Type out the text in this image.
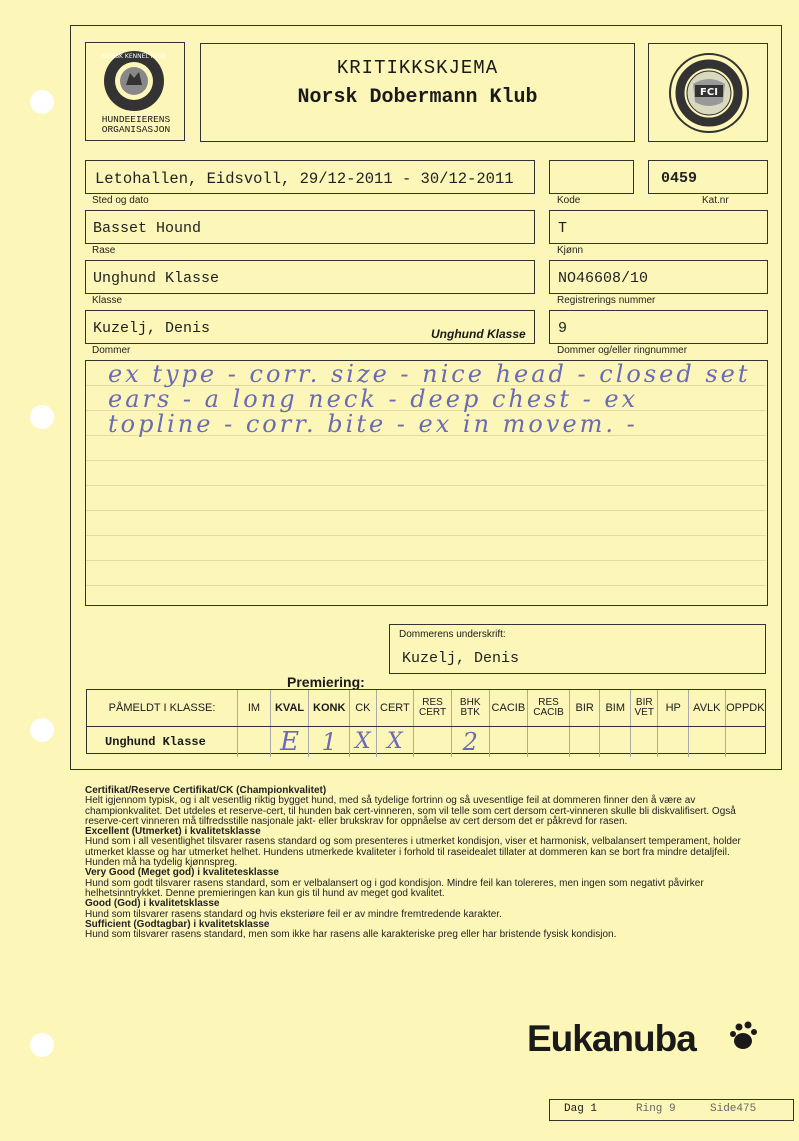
NORSK KENNEL KLUB
HUNDEEIERENS
ORGANISASJON
KRITIKKSKJEMA
Norsk Dobermann Klub	FCI
Letohallen, Eidsvoll, 29/12-2011 - 30/12-2011
Sted og dato	Kode
0459
Kat.nr
Basset Hound
Rase
T
Kjønn
Unghund Klasse
Klasse
NO46608/10
Registrerings nummer
Kuzelj, Denis	Unghund Klasse
Dommer
9
Dommer og/eller ringnummer
ex type - corr. size - nice head - closed set
ears - a long neck - deep chest - ex
topline - corr. bite - ex in movem. -
Dommerens underskrift:
Kuzelj, Denis
Premiering:
PÅMELDT I KLASSE:	IM	KVAL	KONK	CK	CERT	RES CERT	BHK BTK	CACIB	RES CACIB	BIR	BIM	BIR VET	HP	AVLK	OPPDK
Unghund Klasse		E	1	X	X		2								
Certifikat/Reserve Certifikat/CK (Championkvalitet)
Helt igjennom typisk, og i alt vesentlig riktig bygget hund, med så tydelige fortrinn og så uvesentlige feil at dommeren finner den å være av championkvalitet. Det utdeles et reserve-cert, til hunden bak cert-vinneren, som vil telle som cert dersom cert-vinneren skulle bli diskvalifisert. Også reserve-cert vinneren må tilfredsstille nasjonale jakt- eller brukskrav for oppnåelse av cert dersom det er påkrevd for rasen.
Excellent (Utmerket) i kvalitetsklasse
Hund som i all vesentlighet tilsvarer rasens standard og som presenteres i utmerket kondisjon, viser et harmonisk, velbalansert temperament, holder utmerket klasse og har utmerket helhet. Hundens utmerkede kvaliteter i forhold til raseidealet tillater at dommeren kan se bort fra mindre detaljfeil. Hunden må ha tydelig kjønnspreg.
Very Good (Meget god) i kvalitetesklasse
Hund som godt tilsvarer rasens standard, som er velbalansert og i god kondisjon. Mindre feil kan tolereres, men ingen som negativt påvirker helhetsinntrykket. Denne premieringen kan kun gis til hund av meget god kvalitet.
Good (God) i kvalitetsklasse
Hund som tilsvarer rasens standard og hvis eksteriøre feil er av mindre fremtredende karakter.
Sufficient (Godtagbar) i kvalitetsklasse
Hund som tilsvarer rasens standard, men som ikke har rasens alle karakteriske preg eller har bristende fysisk kondisjon.
Eukanuba
Dag 1	Ring 9	Side475
